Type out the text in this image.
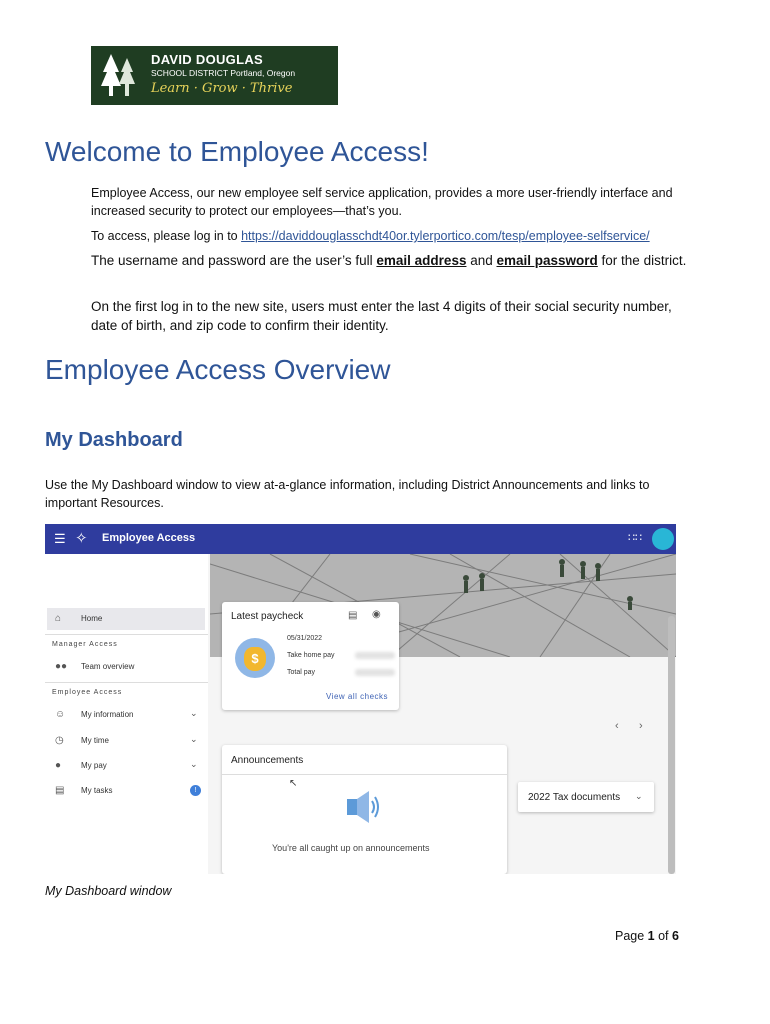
DAVID DOUGLAS
SCHOOL DISTRICT Portland, Oregon
Learn · Grow · Thrive
Welcome to Employee Access!

Employee Access, our new employee self service application, provides a more user-friendly interface and increased security to protect our employees—that’s you.

To access, please log in to https://daviddouglasschdt40or.tylerportico.com/tesp/employee-selfservice/

The username and password are the user’s full email address and email password for the district.

On the first log in to the new site, users must enter the last 4 digits of their social security number, date of birth, and zip code to confirm their identity.

Employee Access Overview
My Dashboard

Use the My Dashboard window to view at-a-glance information, including District Announcements and links to important Resources.

☰ ✧ Employee Access	∷∷
⌂ Home
Manager Access
●● Team overview
Employee Access
☺ My information	⌄
◷ My time	⌄
● My pay	⌄
▤ My tasks	!
Latest paycheck	▤ ◉
$
05/31/2022
Take home pay
Total pay
View all checks
‹ ›
Announcements
↖
You're all caught up on announcements
2022 Tax documents ⌄
My Dashboard window
Page 1 of 6
